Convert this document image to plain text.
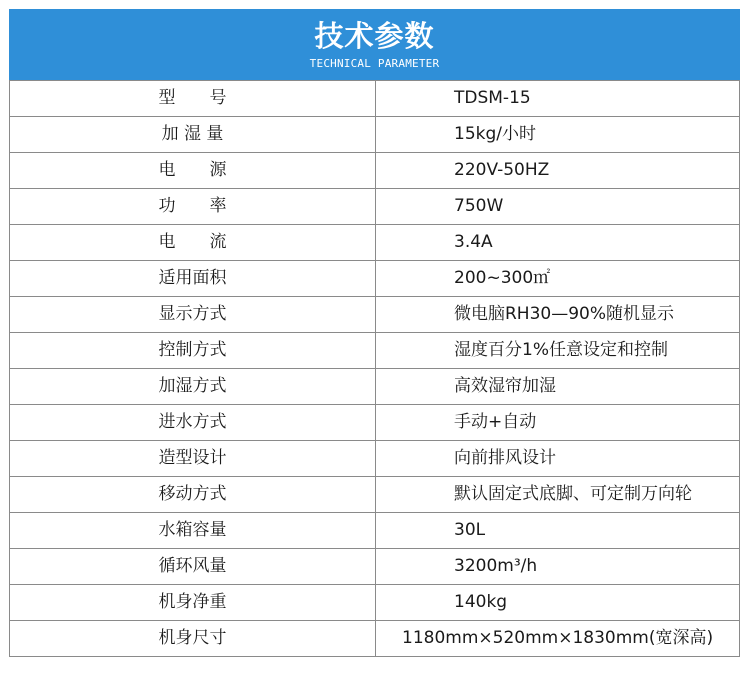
技术参数
TECHNICAL PARAMETER
型　　号	TDSM-15
加 湿 量	15kg/小时
电　　源	220V-50HZ
功　　率	750W
电　　流	3.4A
适用面积	200~300㎡
显示方式	微电脑RH30—90%随机显示
控制方式	湿度百分1%任意设定和控制
加湿方式	高效湿帘加湿
进水方式	手动+自动
造型设计	向前排风设计
移动方式	默认固定式底脚、可定制万向轮
水箱容量	30L
循环风量	3200m³/h
机身净重	140kg
机身尺寸	1180mm×520mm×1830mm(宽深高)
